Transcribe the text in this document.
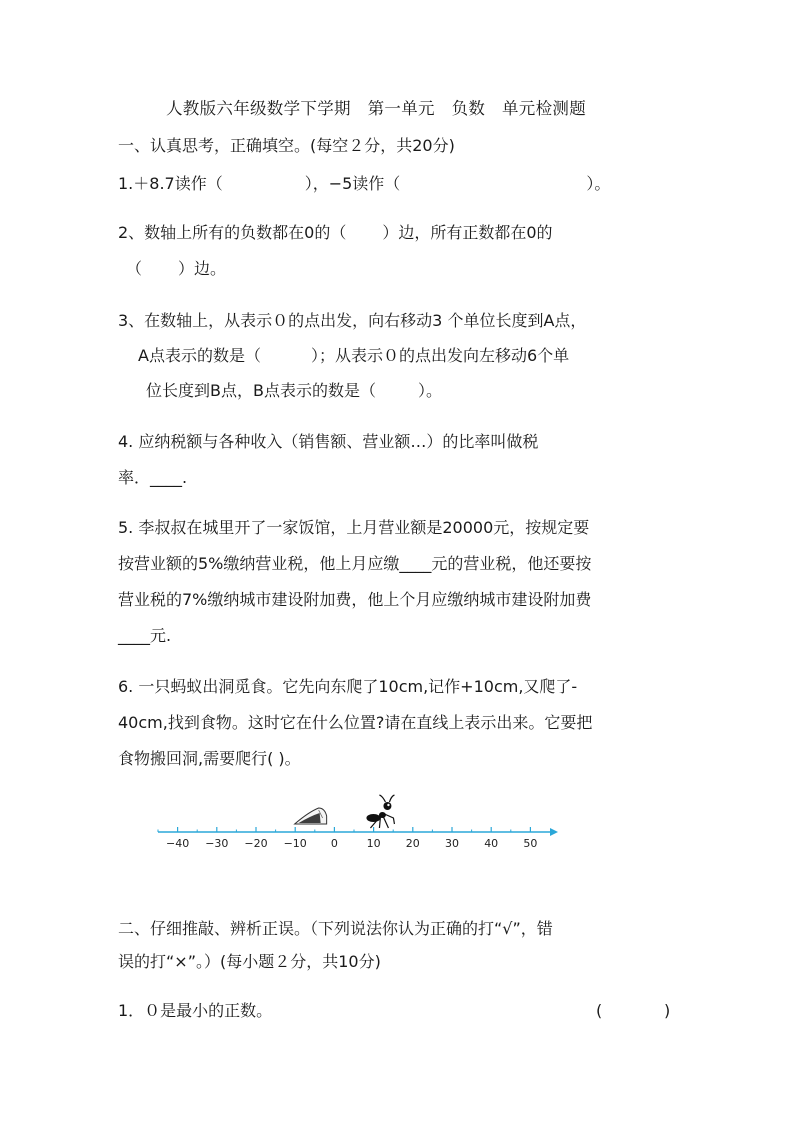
人教版六年级数学下学期　第一单元　负数　单元检测题
一、认真思考，正确填空。(每空２分，共20分)
1.＋8.7读作（	），−5读作（	）。
2、数轴上所有的负数都在0的（ ）边，所有正数都在0的
（ ）边。
3、在数轴上，从表示０的点出发，向右移动3 个单位长度到A点，
A点表示的数是（	）；从表示０的点出发向左移动6个单
位长度到B点，B点表示的数是（	）。
4. 应纳税额与各种收入（销售额、营业额…）的比率叫做税
率．____.
5. 李叔叔在城里开了一家饭馆，上月营业额是20000元，按规定要
按营业额的5%缴纳营业税，他上月应缴____元的营业税，他还要按
营业税的7%缴纳城市建设附加费，他上个月应缴纳城市建设附加费
____元.
6. 一只蚂蚁出洞觅食。它先向东爬了10cm,记作+10cm,又爬了-
40cm,找到食物。这时它在什么位置?请在直线上表示出来。它要把
食物搬回洞,需要爬行( )。
−40 −30 −20 −10 0	10 20 30 40 50
二、仔细推敲、辨析正误。（下列说法你认为正确的打“√”，错
误的打“×”。）(每小题２分，共10分)
1．０是最小的正数。	(	)
